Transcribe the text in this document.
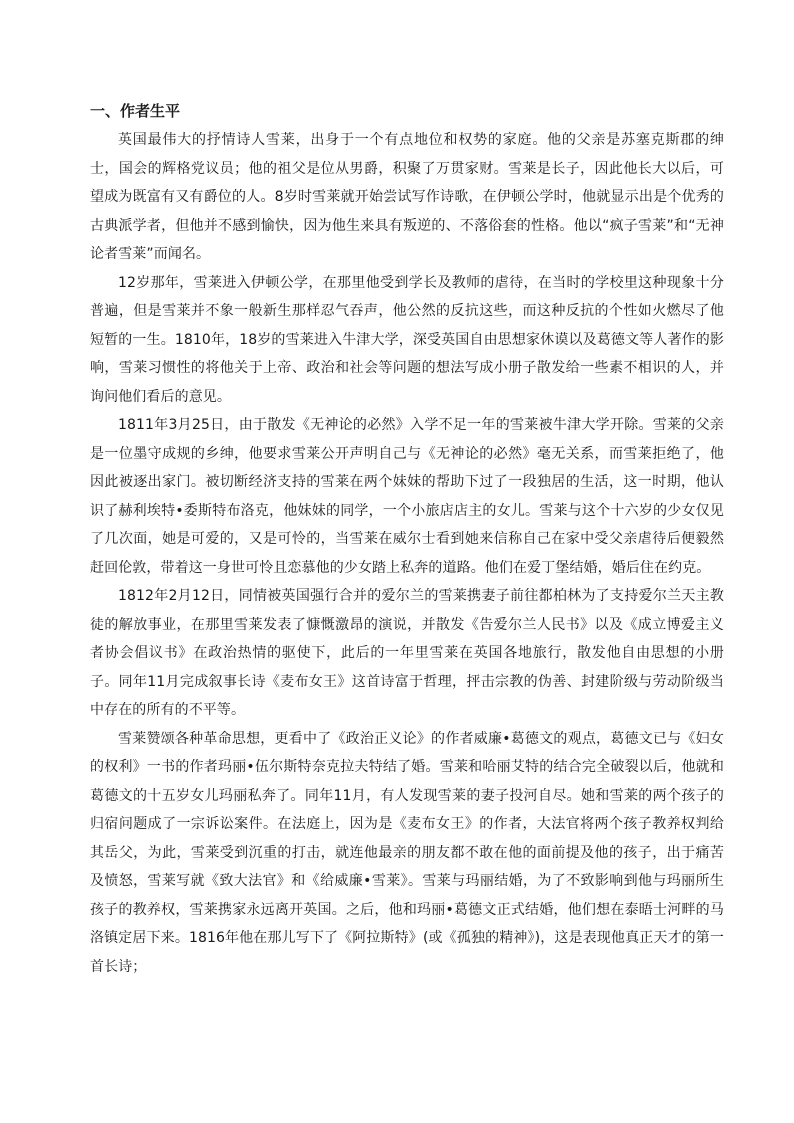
一、作者生平

英国最伟大的抒情诗人雪莱，出身于一个有点地位和权势的家庭。他的父亲是苏塞克斯郡的绅士，国会的辉格党议员；他的祖父是位从男爵，积聚了万贯家财。雪莱是长子，因此他长大以后，可望成为既富有又有爵位的人。8岁时雪莱就开始尝试写作诗歌，在伊顿公学时，他就显示出是个优秀的古典派学者，但他并不感到愉快，因为他生来具有叛逆的、不落俗套的性格。他以“疯子雪莱”和“无神论者雪莱”而闻名。

12岁那年，雪莱进入伊顿公学，在那里他受到学长及教师的虐待，在当时的学校里这种现象十分普遍，但是雪莱并不象一般新生那样忍气吞声，他公然的反抗这些，而这种反抗的个性如火燃尽了他短暂的一生。1810年，18岁的雪莱进入牛津大学，深受英国自由思想家休谟以及葛德文等人著作的影响，雪莱习惯性的将他关于上帝、政治和社会等问题的想法写成小册子散发给一些素不相识的人，并询问他们看后的意见。

1811年3月25日，由于散发《无神论的必然》入学不足一年的雪莱被牛津大学开除。雪莱的父亲是一位墨守成规的乡绅，他要求雪莱公开声明自己与《无神论的必然》毫无关系，而雪莱拒绝了，他因此被逐出家门。被切断经济支持的雪莱在两个妹妹的帮助下过了一段独居的生活，这一时期，他认识了赫利埃特•委斯特布洛克，他妹妹的同学，一个小旅店店主的女儿。雪莱与这个十六岁的少女仅见了几次面，她是可爱的，又是可怜的，当雪莱在威尔士看到她来信称自己在家中受父亲虐待后便毅然赶回伦敦，带着这一身世可怜且恋慕他的少女踏上私奔的道路。他们在爱丁堡结婚，婚后住在约克。

1812年2月12日，同情被英国强行合并的爱尔兰的雪莱携妻子前往都柏林为了支持爱尔兰天主教徒的解放事业，在那里雪莱发表了慷慨激昂的演说，并散发《告爱尔兰人民书》以及《成立博爱主义者协会倡议书》在政治热情的驱使下，此后的一年里雪莱在英国各地旅行，散发他自由思想的小册子。同年11月完成叙事长诗《麦布女王》这首诗富于哲理，抨击宗教的伪善、封建阶级与劳动阶级当中存在的所有的不平等。

雪莱赞颂各种革命思想，更看中了《政治正义论》的作者威廉•葛德文的观点，葛德文已与《妇女的权利》一书的作者玛丽•伍尔斯特奈克拉夫特结了婚。雪莱和哈丽艾特的结合完全破裂以后，他就和葛德文的十五岁女儿玛丽私奔了。同年11月，有人发现雪莱的妻子投河自尽。她和雪莱的两个孩子的归宿问题成了一宗诉讼案件。在法庭上，因为是《麦布女王》的作者，大法官将两个孩子教养权判给其岳父，为此，雪莱受到沉重的打击，就连他最亲的朋友都不敢在他的面前提及他的孩子，出于痛苦及愤怒，雪莱写就《致大法官》和《给威廉•雪莱》。雪莱与玛丽结婚，为了不致影响到他与玛丽所生孩子的教养权，雪莱携家永远离开英国。之后，他和玛丽•葛德文正式结婚，他们想在泰晤士河畔的马洛镇定居下来。1816年他在那儿写下了《阿拉斯特》(或《孤独的精神》)，这是表现他真正天才的第一首长诗；
